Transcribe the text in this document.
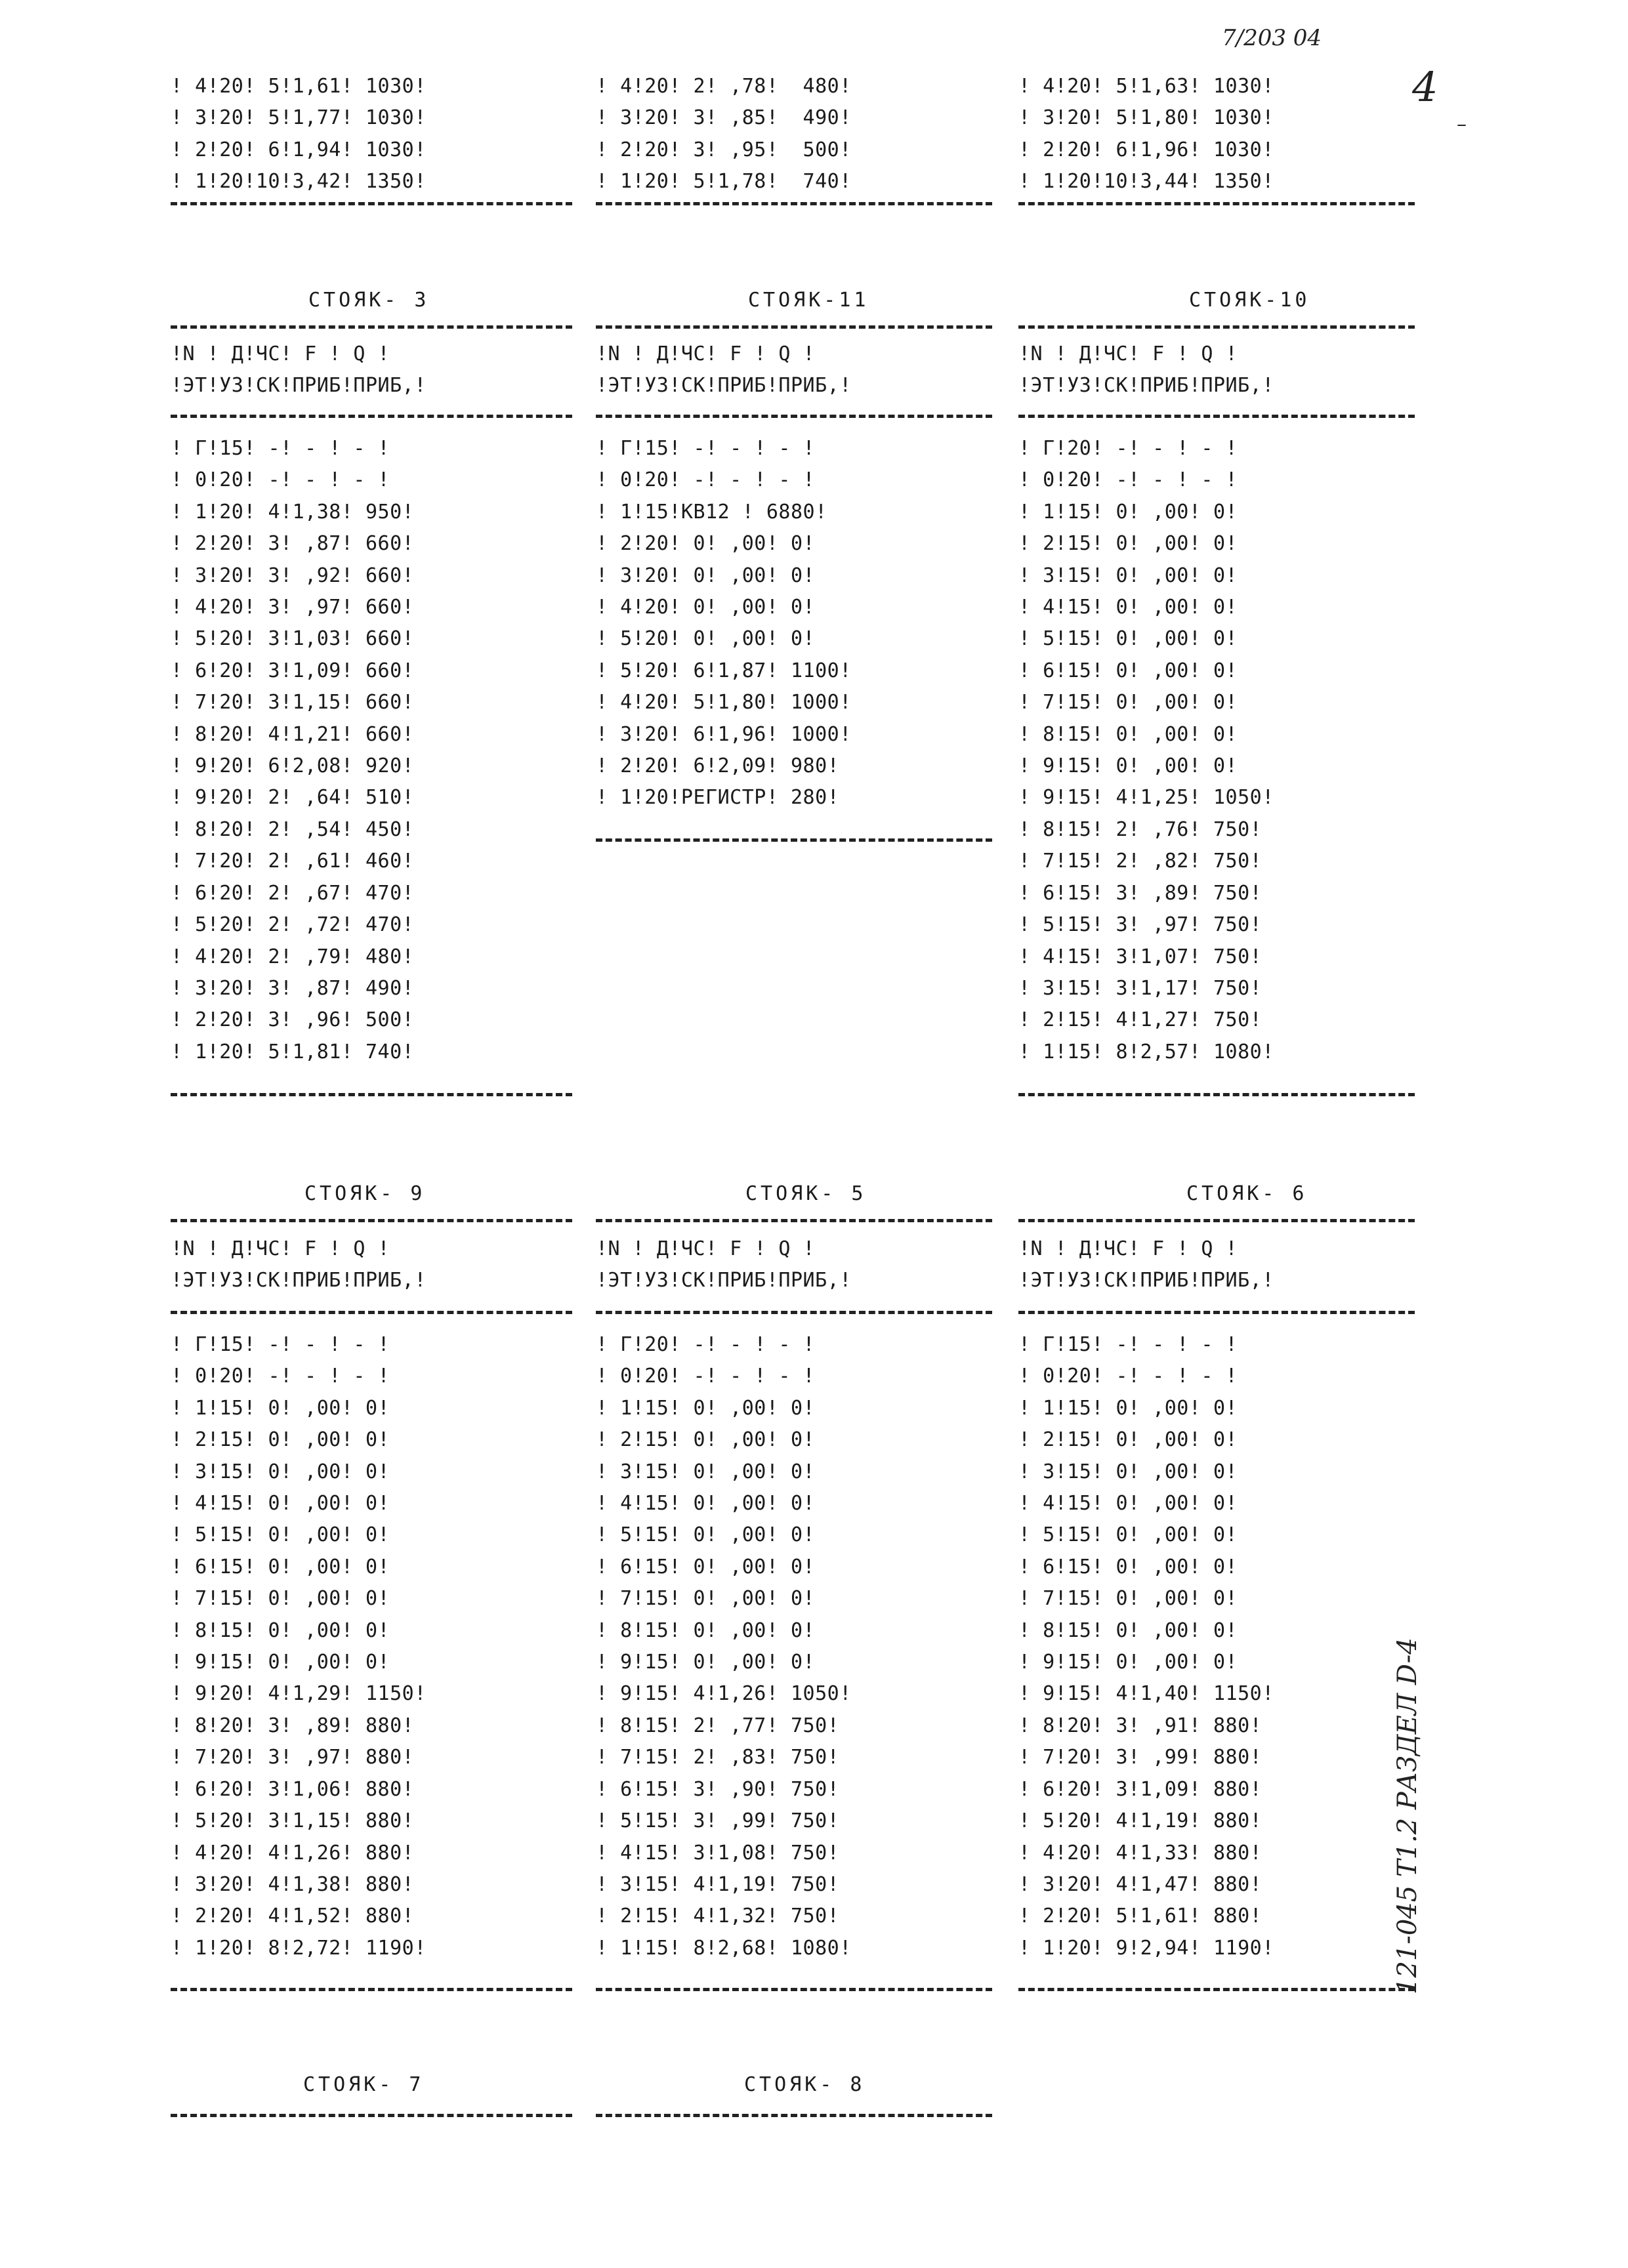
7/203 04
4
–
121-045 T1.2 РАЗДЕЛ D-4
! 4!20! 5!1,61! 1030!
! 3!20! 5!1,77! 1030!
! 2!20! 6!1,94! 1030!
! 1!20!10!3,42! 1350!
! 4!20! 2! ,78!  480!
! 3!20! 3! ,85!  490!
! 2!20! 3! ,95!  500!
! 1!20! 5!1,78!  740!
! 4!20! 5!1,63! 1030!
! 3!20! 5!1,80! 1030!
! 2!20! 6!1,96! 1030!
! 1!20!10!3,44! 1350!
СТОЯК- 3	СТОЯК-11	СТОЯК-10
!N ! Д!ЧС! F ! Q !
!ЭТ!УЗ!СК!ПРИБ!ПРИБ,!
!N ! Д!ЧС! F ! Q !
!ЭТ!УЗ!СК!ПРИБ!ПРИБ,!
!N ! Д!ЧС! F ! Q !
!ЭТ!УЗ!СК!ПРИБ!ПРИБ,!
! Г!15! -! - ! - !
! 0!20! -! - ! - !
! 1!20! 4!1,38! 950!
! 2!20! 3! ,87! 660!
! 3!20! 3! ,92! 660!
! 4!20! 3! ,97! 660!
! 5!20! 3!1,03! 660!
! 6!20! 3!1,09! 660!
! 7!20! 3!1,15! 660!
! 8!20! 4!1,21! 660!
! 9!20! 6!2,08! 920!
! 9!20! 2! ,64! 510!
! 8!20! 2! ,54! 450!
! 7!20! 2! ,61! 460!
! 6!20! 2! ,67! 470!
! 5!20! 2! ,72! 470!
! 4!20! 2! ,79! 480!
! 3!20! 3! ,87! 490!
! 2!20! 3! ,96! 500!
! 1!20! 5!1,81! 740!
! Г!15! -! - ! - !
! 0!20! -! - ! - !
! 1!15!КВ12 ! 6880!
! 2!20! 0! ,00! 0!
! 3!20! 0! ,00! 0!
! 4!20! 0! ,00! 0!
! 5!20! 0! ,00! 0!
! 5!20! 6!1,87! 1100!
! 4!20! 5!1,80! 1000!
! 3!20! 6!1,96! 1000!
! 2!20! 6!2,09! 980!
! 1!20!РЕГИСТР! 280!
! Г!20! -! - ! - !
! 0!20! -! - ! - !
! 1!15! 0! ,00! 0!
! 2!15! 0! ,00! 0!
! 3!15! 0! ,00! 0!
! 4!15! 0! ,00! 0!
! 5!15! 0! ,00! 0!
! 6!15! 0! ,00! 0!
! 7!15! 0! ,00! 0!
! 8!15! 0! ,00! 0!
! 9!15! 0! ,00! 0!
! 9!15! 4!1,25! 1050!
! 8!15! 2! ,76! 750!
! 7!15! 2! ,82! 750!
! 6!15! 3! ,89! 750!
! 5!15! 3! ,97! 750!
! 4!15! 3!1,07! 750!
! 3!15! 3!1,17! 750!
! 2!15! 4!1,27! 750!
! 1!15! 8!2,57! 1080!
СТОЯК- 9	СТОЯК- 5	СТОЯК- 6
!N ! Д!ЧС! F ! Q !
!ЭТ!УЗ!СК!ПРИБ!ПРИБ,!
!N ! Д!ЧС! F ! Q !
!ЭТ!УЗ!СК!ПРИБ!ПРИБ,!
!N ! Д!ЧС! F ! Q !
!ЭТ!УЗ!СК!ПРИБ!ПРИБ,!
! Г!15! -! - ! - !
! 0!20! -! - ! - !
! 1!15! 0! ,00! 0!
! 2!15! 0! ,00! 0!
! 3!15! 0! ,00! 0!
! 4!15! 0! ,00! 0!
! 5!15! 0! ,00! 0!
! 6!15! 0! ,00! 0!
! 7!15! 0! ,00! 0!
! 8!15! 0! ,00! 0!
! 9!15! 0! ,00! 0!
! 9!20! 4!1,29! 1150!
! 8!20! 3! ,89! 880!
! 7!20! 3! ,97! 880!
! 6!20! 3!1,06! 880!
! 5!20! 3!1,15! 880!
! 4!20! 4!1,26! 880!
! 3!20! 4!1,38! 880!
! 2!20! 4!1,52! 880!
! 1!20! 8!2,72! 1190!
! Г!20! -! - ! - !
! 0!20! -! - ! - !
! 1!15! 0! ,00! 0!
! 2!15! 0! ,00! 0!
! 3!15! 0! ,00! 0!
! 4!15! 0! ,00! 0!
! 5!15! 0! ,00! 0!
! 6!15! 0! ,00! 0!
! 7!15! 0! ,00! 0!
! 8!15! 0! ,00! 0!
! 9!15! 0! ,00! 0!
! 9!15! 4!1,26! 1050!
! 8!15! 2! ,77! 750!
! 7!15! 2! ,83! 750!
! 6!15! 3! ,90! 750!
! 5!15! 3! ,99! 750!
! 4!15! 3!1,08! 750!
! 3!15! 4!1,19! 750!
! 2!15! 4!1,32! 750!
! 1!15! 8!2,68! 1080!
! Г!15! -! - ! - !
! 0!20! -! - ! - !
! 1!15! 0! ,00! 0!
! 2!15! 0! ,00! 0!
! 3!15! 0! ,00! 0!
! 4!15! 0! ,00! 0!
! 5!15! 0! ,00! 0!
! 6!15! 0! ,00! 0!
! 7!15! 0! ,00! 0!
! 8!15! 0! ,00! 0!
! 9!15! 0! ,00! 0!
! 9!15! 4!1,40! 1150!
! 8!20! 3! ,91! 880!
! 7!20! 3! ,99! 880!
! 6!20! 3!1,09! 880!
! 5!20! 4!1,19! 880!
! 4!20! 4!1,33! 880!
! 3!20! 4!1,47! 880!
! 2!20! 5!1,61! 880!
! 1!20! 9!2,94! 1190!
СТОЯК- 7	СТОЯК- 8
